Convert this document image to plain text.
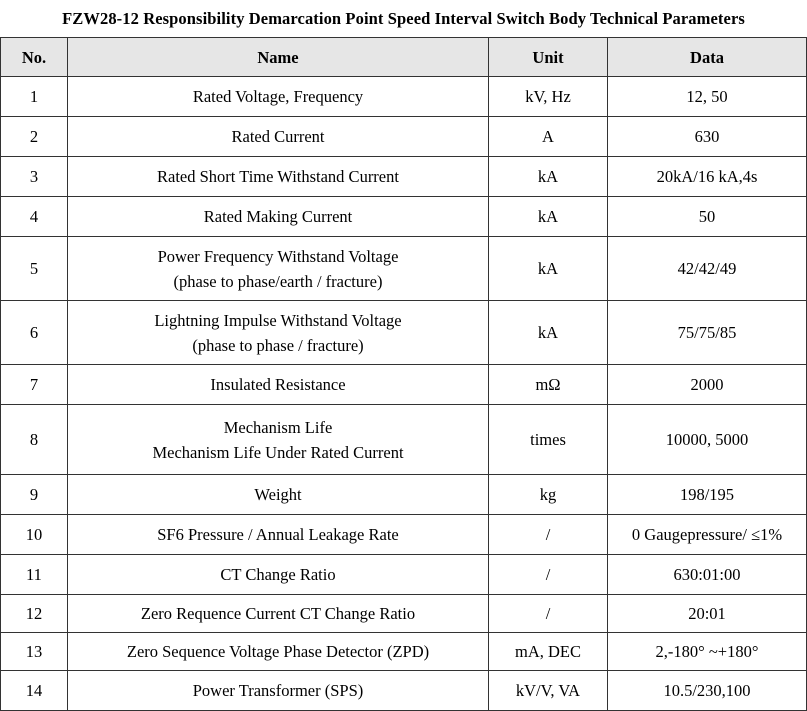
FZW28-12 Responsibility Demarcation Point Speed Interval Switch Body Technical Parameters
No.	Name	Unit	Data
1	Rated Voltage, Frequency	kV, Hz	12, 50
2	Rated Current	A	630
3	Rated Short Time Withstand Current	kA	20kA/16 kA,4s
4	Rated Making Current	kA	50
5	Power Frequency Withstand Voltage
(phase to phase/earth / fracture)	kA	42/42/49
6	Lightning Impulse Withstand Voltage
(phase to phase / fracture)	kA	75/75/85
7	Insulated Resistance	mΩ	2000
8	Mechanism Life
Mechanism Life Under Rated Current	times	10000, 5000
9	Weight	kg	198/195
10	SF6 Pressure / Annual Leakage Rate	/	0 Gaugepressure/ ≤1%
11	CT Change Ratio	/	630:01:00
12	Zero Requence Current CT Change Ratio	/	20:01
13	Zero Sequence Voltage Phase Detector (ZPD)	mA, DEC	2,-180° ~+180°
14	Power Transformer (SPS)	kV/V, VA	10.5/230,100
